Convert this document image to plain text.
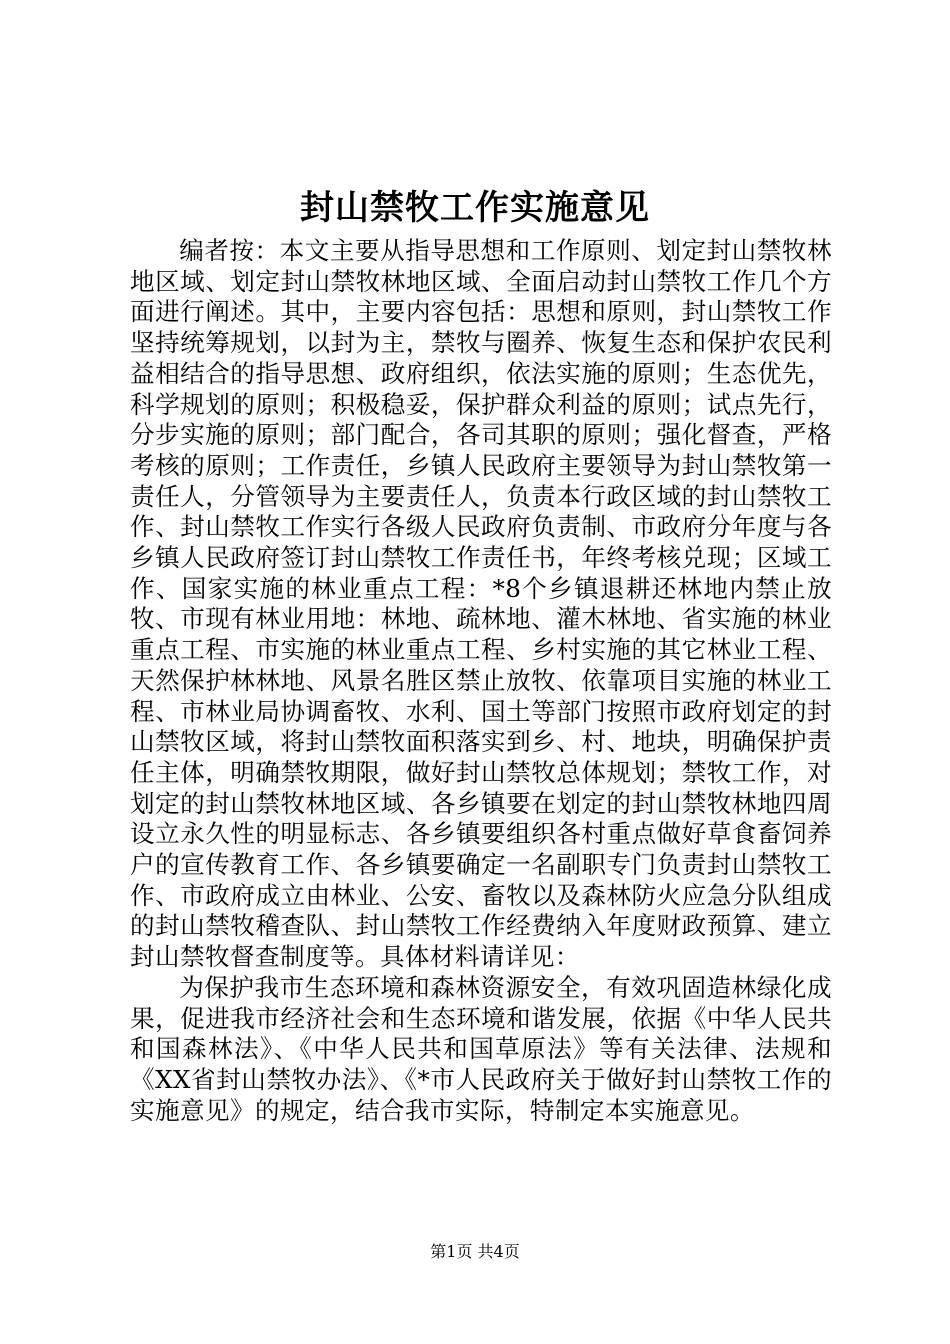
封山禁牧工作实施意见

编者按：本文主要从指导思想和工作原则、划定封山禁牧林地区域、划定封山禁牧林地区域、全面启动封山禁牧工作几个方面进行阐述。其中，主要内容包括：思想和原则，封山禁牧工作坚持统筹规划，以封为主，禁牧与圈养、恢复生态和保护农民利益相结合的指导思想、政府组织，依法实施的原则；生态优先，科学规划的原则；积极稳妥，保护群众利益的原则；试点先行，分步实施的原则；部门配合，各司其职的原则；强化督查，严格考核的原则；工作责任，乡镇人民政府主要领导为封山禁牧第一责任人，分管领导为主要责任人，负责本行政区域的封山禁牧工作、封山禁牧工作实行各级人民政府负责制、市政府分年度与各乡镇人民政府签订封山禁牧工作责任书，年终考核兑现；区域工作、国家实施的林业重点工程：*8个乡镇退耕还林地内禁止放牧、市现有林业用地：林地、疏林地、灌木林地、省实施的林业重点工程、市实施的林业重点工程、乡村实施的其它林业工程、天然保护林林地、风景名胜区禁止放牧、依靠项目实施的林业工程、市林业局协调畜牧、水利、国土等部门按照市政府划定的封山禁牧区域，将封山禁牧面积落实到乡、村、地块，明确保护责任主体，明确禁牧期限，做好封山禁牧总体规划；禁牧工作，对划定的封山禁牧林地区域、各乡镇要在划定的封山禁牧林地四周设立永久性的明显标志、各乡镇要组织各村重点做好草食畜饲养户的宣传教育工作、各乡镇要确定一名副职专门负责封山禁牧工作、市政府成立由林业、公安、畜牧以及森林防火应急分队组成的封山禁牧稽查队、封山禁牧工作经费纳入年度财政预算、建立封山禁牧督查制度等。具体材料请详见：

为保护我市生态环境和森林资源安全，有效巩固造林绿化成果，促进我市经济社会和生态环境和谐发展，依据《中华人民共和国森林法》、《中华人民共和国草原法》等有关法律、法规和《XX省封山禁牧办法》、《*市人民政府关于做好封山禁牧工作的实施意见》的规定，结合我市实际，特制定本实施意见。

第1页 共4页
